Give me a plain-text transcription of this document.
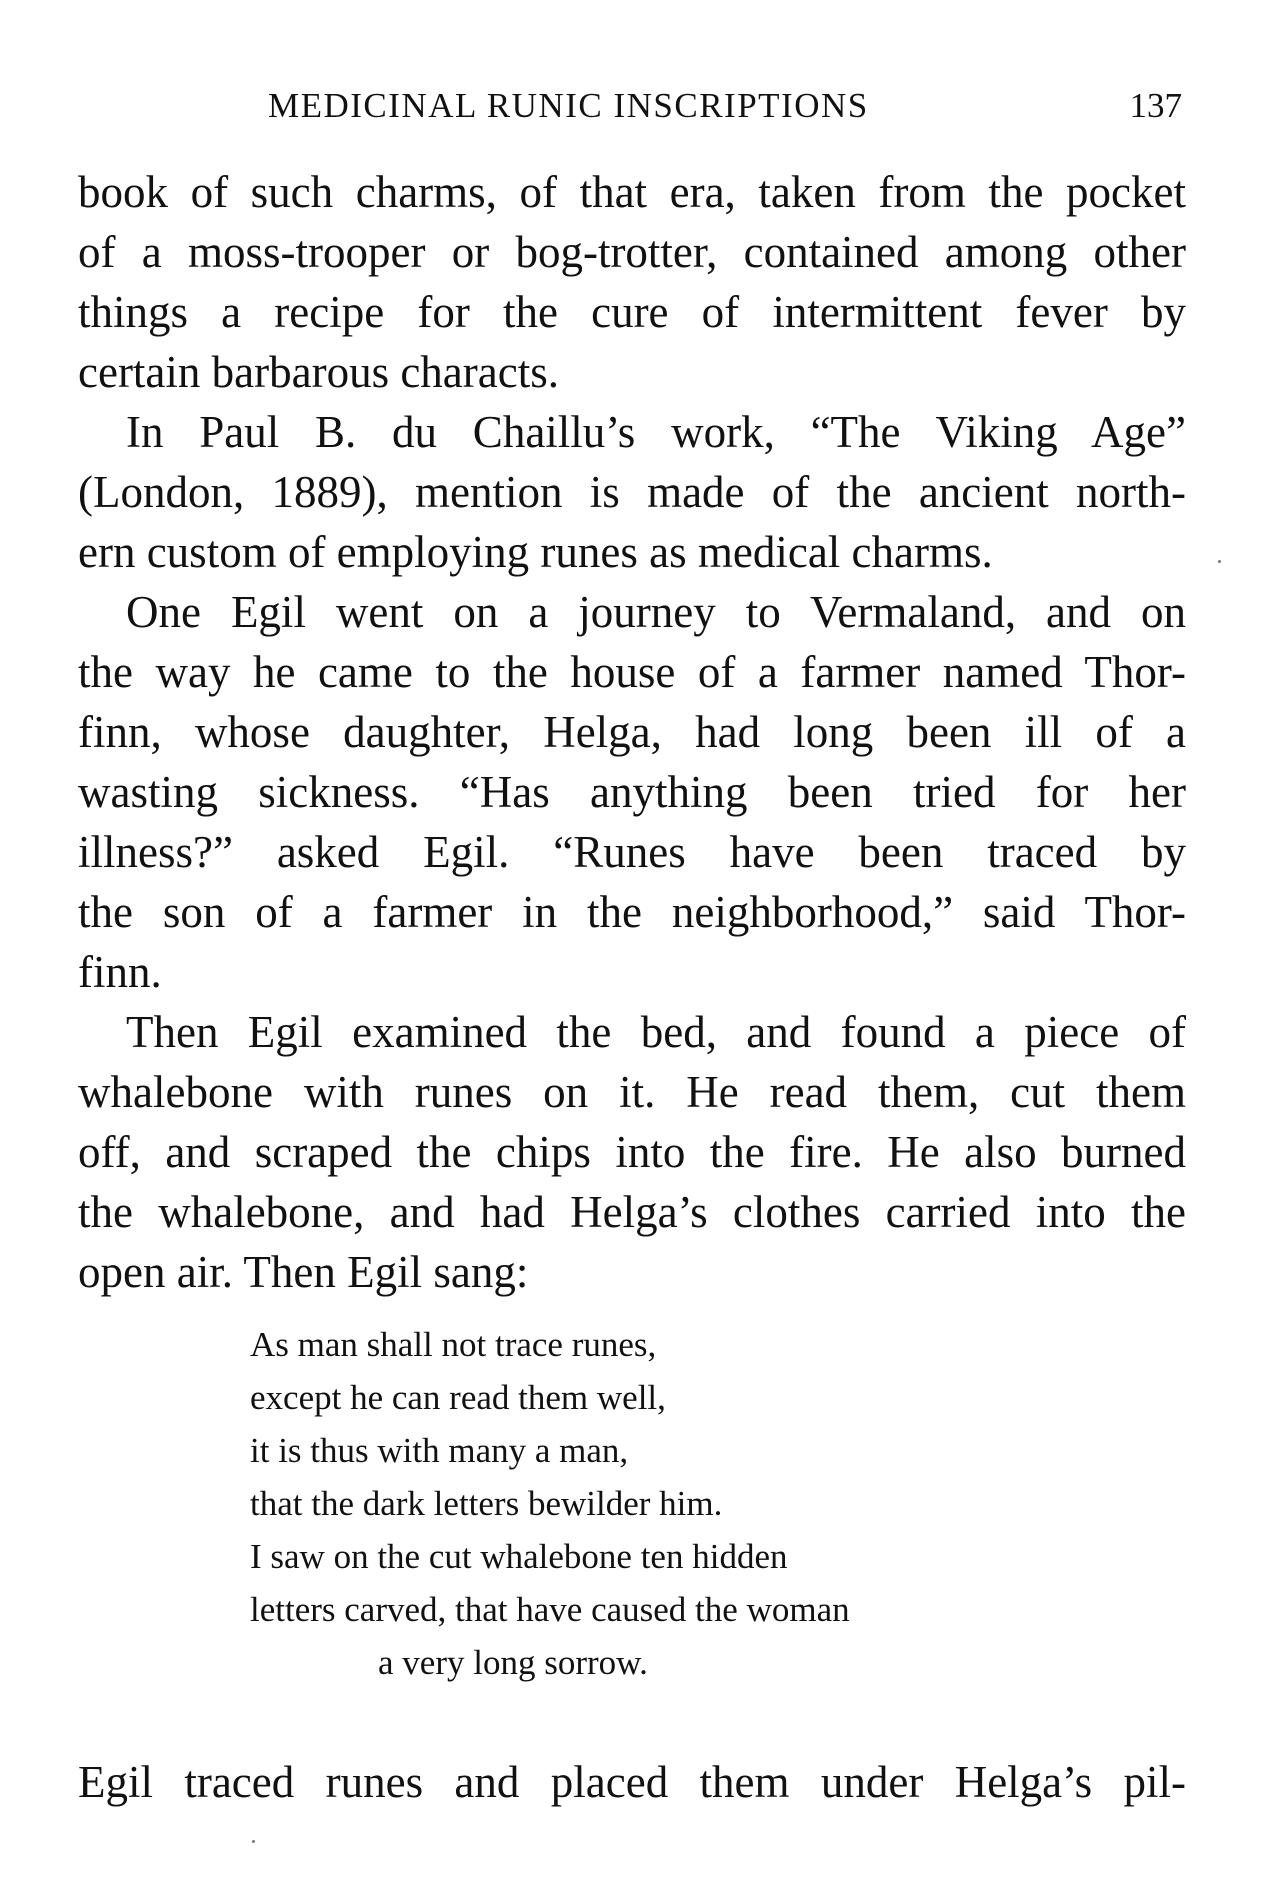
MEDICINAL RUNIC INSCRIPTIONS	137
book of such charms, of that era, taken from the pocket
of a moss-trooper or bog-trotter, contained among other
things a recipe for the cure of intermittent fever by
certain barbarous characts.
In Paul B. du Chaillu’s work, “The Viking Age”
(London, 1889), mention is made of the ancient north-
ern custom of employing runes as medical charms.
One Egil went on a journey to Vermaland, and on
the way he came to the house of a farmer named Thor-
finn, whose daughter, Helga, had long been ill of a
wasting sickness. “Has anything been tried for her
illness?” asked Egil. “Runes have been traced by
the son of a farmer in the neighborhood,” said Thor-
finn.
Then Egil examined the bed, and found a piece of
whalebone with runes on it. He read them, cut them
off, and scraped the chips into the fire. He also burned
the whalebone, and had Helga’s clothes carried into the
open air. Then Egil sang:
As man shall not trace runes,
except he can read them well,
it is thus with many a man,
that the dark letters bewilder him.
I saw on the cut whalebone ten hidden
letters carved, that have caused the woman
a very long sorrow.
Egil traced runes and placed them under Helga’s pil-
